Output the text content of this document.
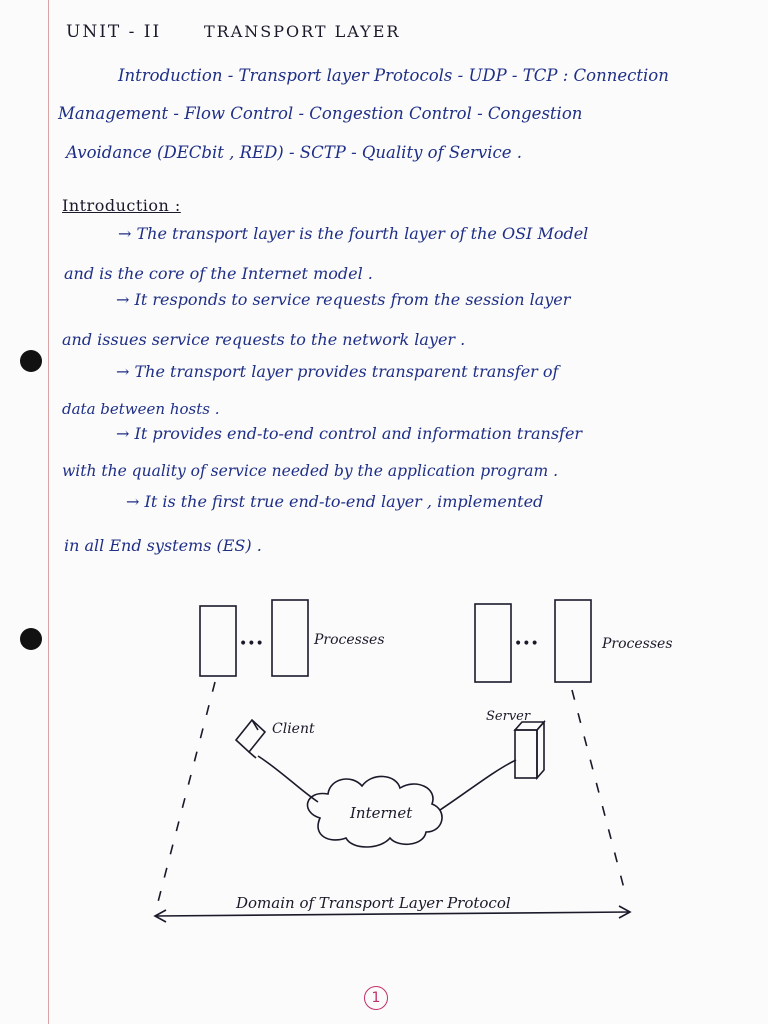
UNIT - II	TRANSPORT LAYER
Introduction - Transport layer Protocols - UDP - TCP : Connection
Management - Flow Control - Congestion Control - Congestion
Avoidance (DECbit , RED) - SCTP - Quality of Service .
Introduction :
→ The transport layer is the fourth layer of the OSI Model
and is the core of the Internet model .
→ It responds to service requests from the session layer
and issues service requests to the network layer .
→ The transport layer provides transparent transfer of
data between hosts .
→ It provides end-to-end control and information transfer
with the quality of service needed by the application program .
→ It is the first true end-to-end layer , implemented
in all End systems (ES) .
•••	•••
Processes	Processes
Client
Server
Internet
Domain of Transport Layer Protocol
1
